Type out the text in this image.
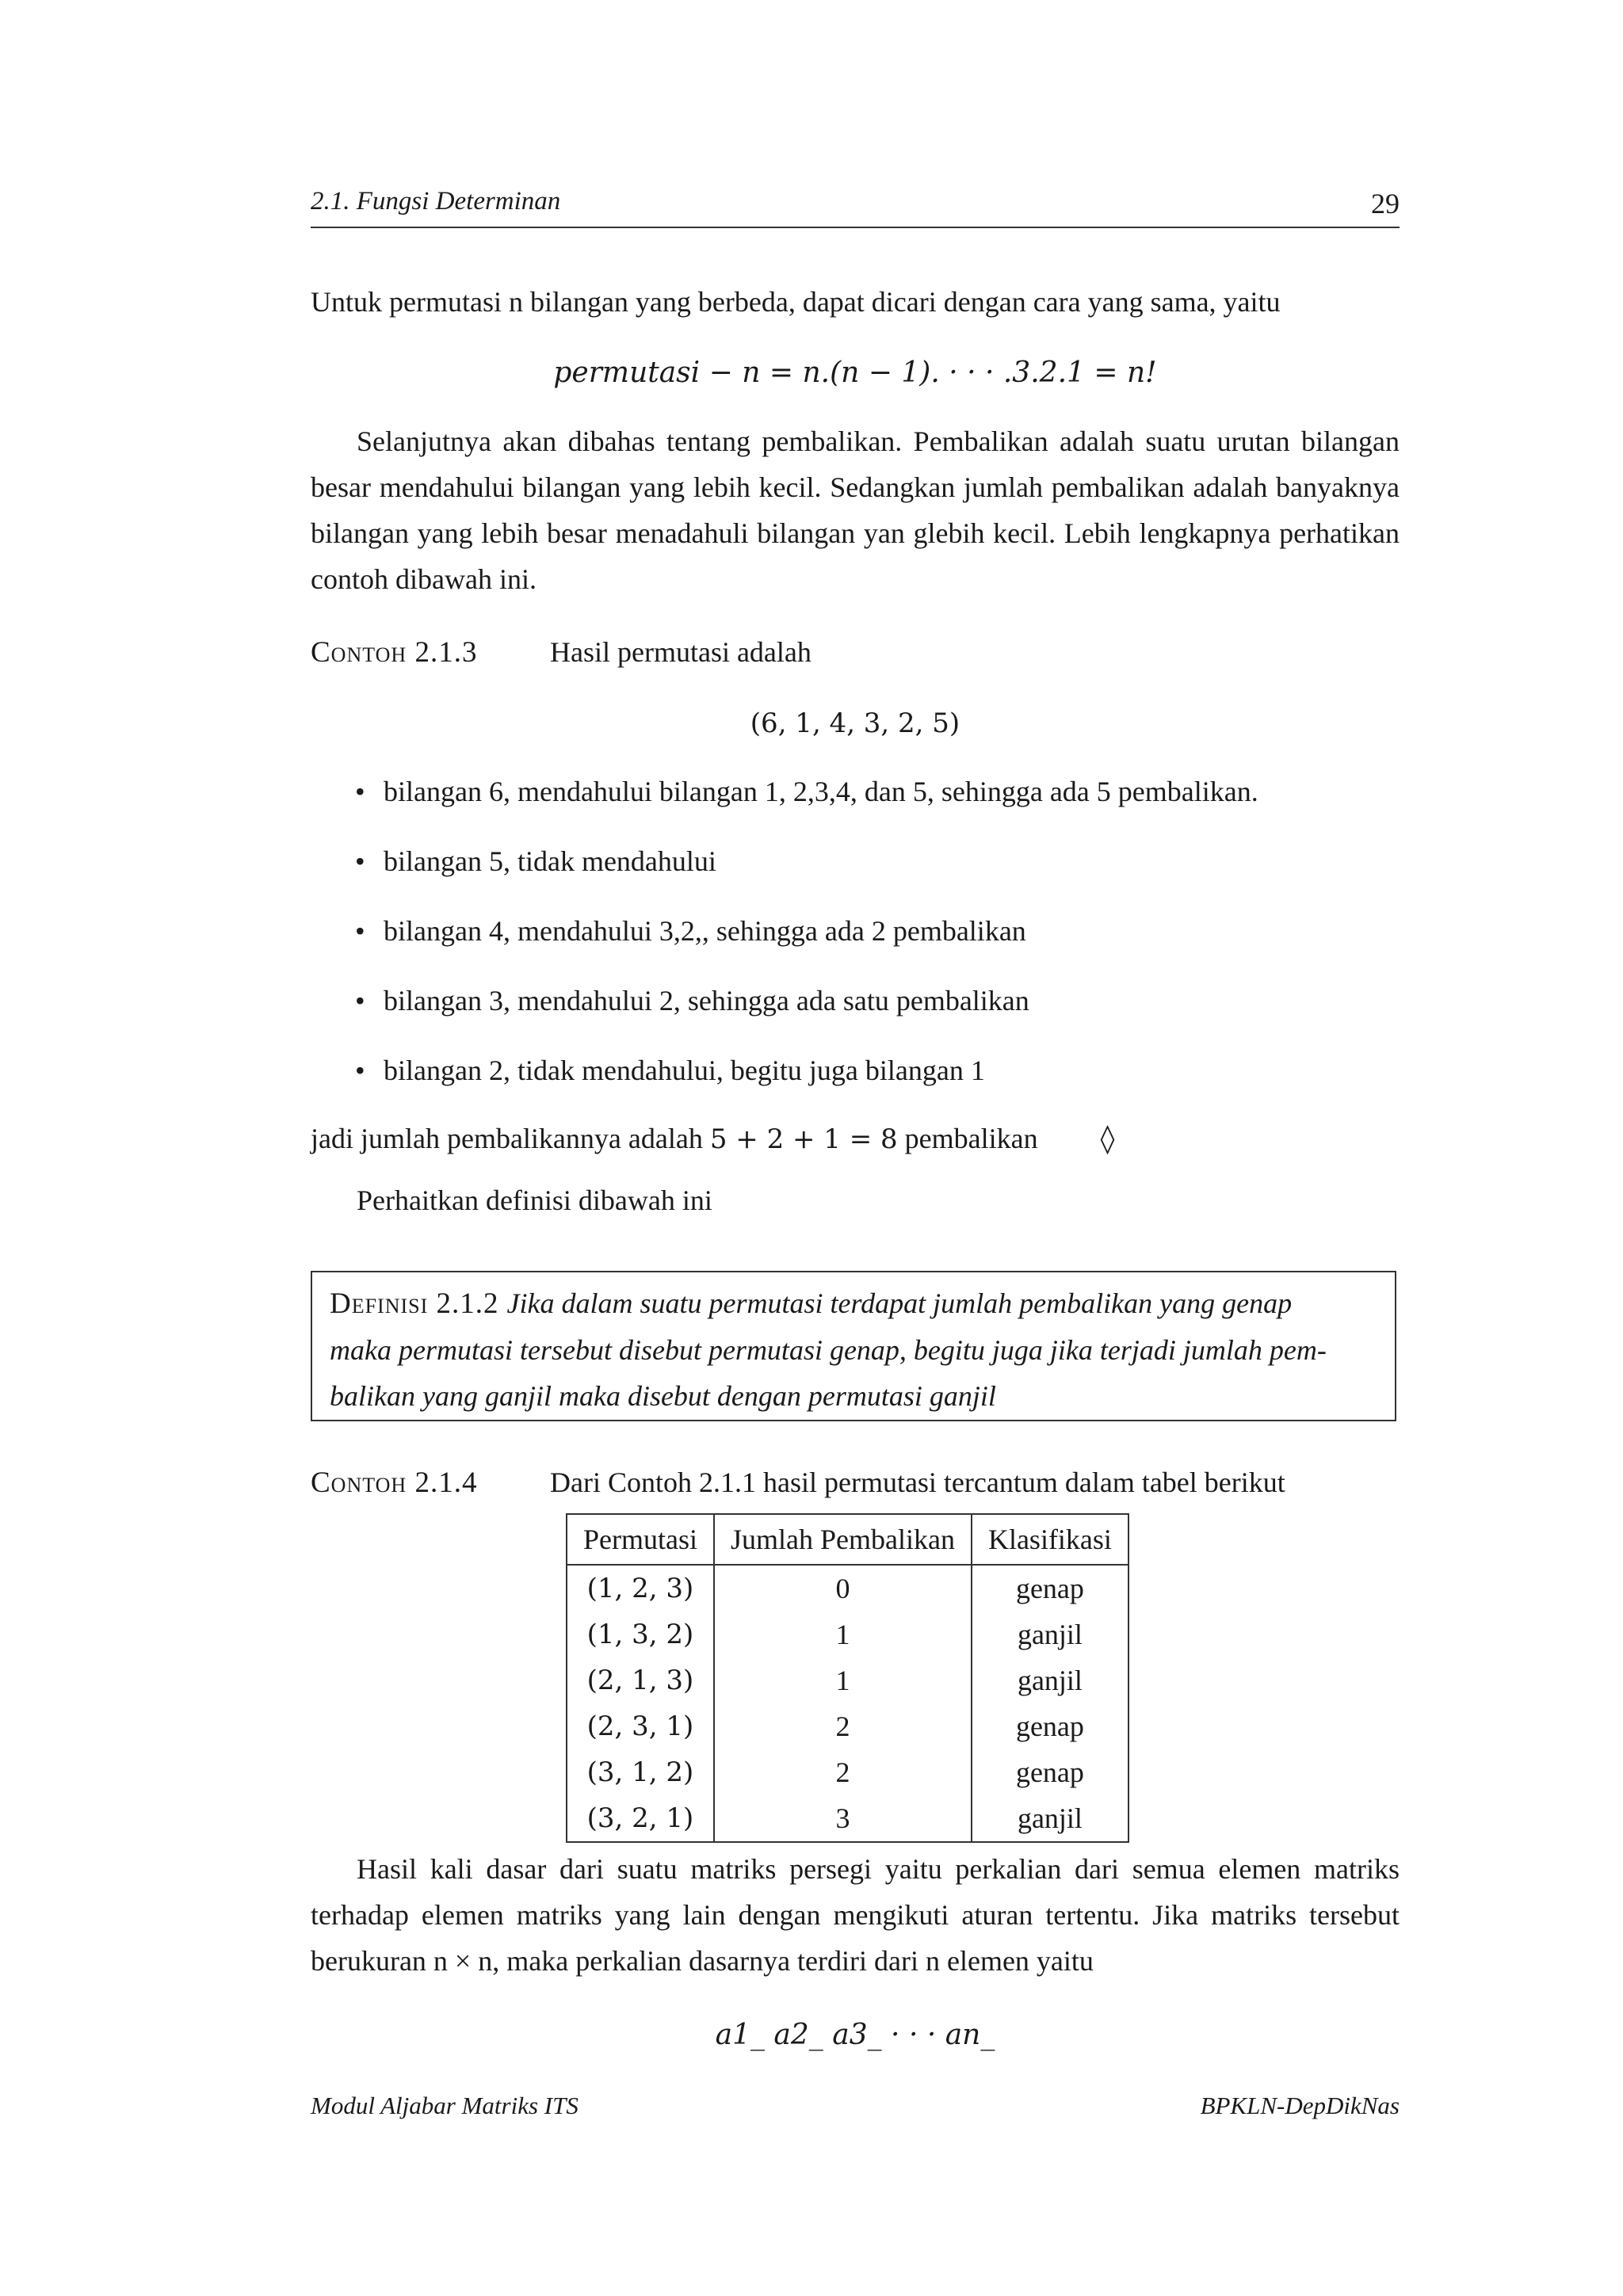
2.1. Fungsi Determinan	29
Untuk permutasi n bilangan yang berbeda, dapat dicari dengan cara yang sama, yaitu
permutasi − n = n.(n − 1). · · · .3.2.1 = n!
Selanjutnya akan dibahas tentang pembalikan. Pembalikan adalah suatu urutan bilangan besar mendahului bilangan yang lebih kecil. Sedangkan jumlah pembalikan adalah banyaknya bilangan yang lebih besar menadahuli bilangan yan glebih kecil. Lebih lengkapnya perhatikan contoh dibawah ini.
Contoh 2.1.3	Hasil permutasi adalah
(6, 1, 4, 3, 2, 5)
• bilangan 6, mendahului bilangan 1, 2,3,4, dan 5, sehingga ada 5 pembalikan.
• bilangan 5, tidak mendahului
• bilangan 4, mendahului 3,2,, sehingga ada 2 pembalikan
• bilangan 3, mendahului 2, sehingga ada satu pembalikan
• bilangan 2, tidak mendahului, begitu juga bilangan 1
jadi jumlah pembalikannya adalah 5 + 2 + 1 = 8 pembalikan ◊
Perhaitkan definisi dibawah ini
Definisi 2.1.2 Jika dalam suatu permutasi terdapat jumlah pembalikan yang genap
maka permutasi tersebut disebut permutasi genap, begitu juga jika terjadi jumlah pem-
balikan yang ganjil maka disebut dengan permutasi ganjil
Contoh 2.1.4	Dari Contoh 2.1.1 hasil permutasi tercantum dalam tabel berikut
Permutasi	Jumlah Pembalikan	Klasifikasi
(1, 2, 3)	0	genap
(1, 3, 2)	1	ganjil
(2, 1, 3)	1	ganjil
(2, 3, 1)	2	genap
(3, 1, 2)	2	genap
(3, 2, 1)	3	ganjil
Hasil kali dasar dari suatu matriks persegi yaitu perkalian dari semua elemen matriks terhadap elemen matriks yang lain dengan mengikuti aturan tertentu. Jika matriks tersebut berukuran n × n, maka perkalian dasarnya terdiri dari n elemen yaitu
a1_ a2_ a3_ · · · an_
Modul Aljabar Matriks ITS	BPKLN-DepDikNas
